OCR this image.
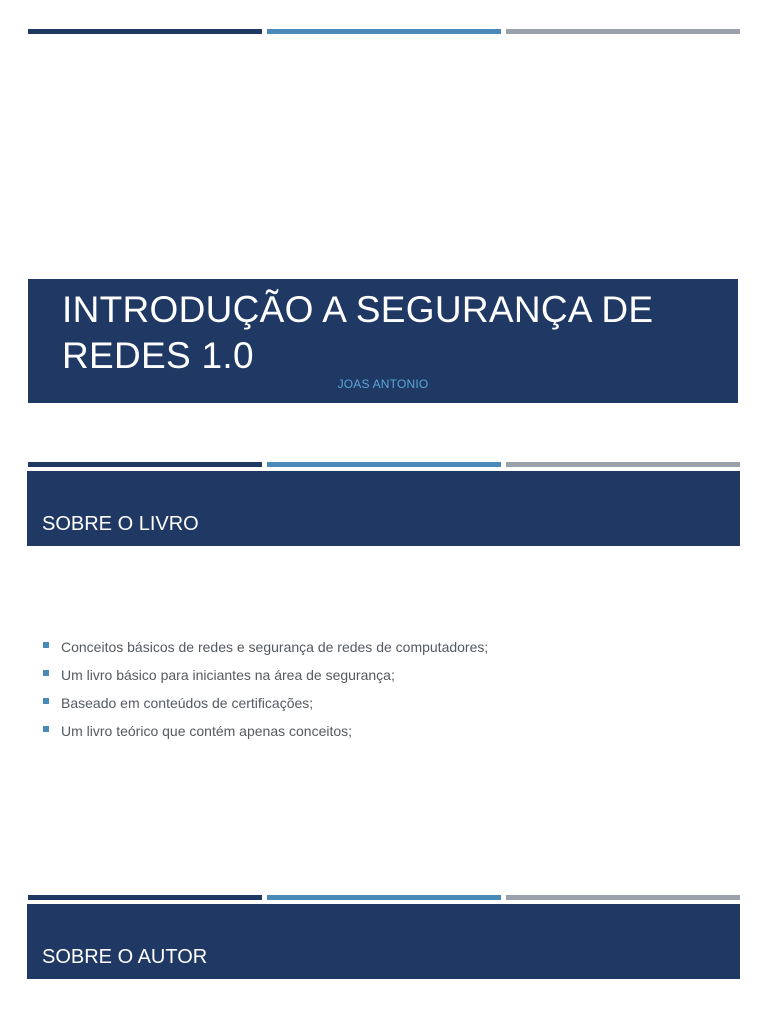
INTRODUÇÃO A SEGURANÇA DE REDES 1.0
JOAS ANTONIO
SOBRE O LIVRO
Conceitos básicos de redes e segurança de redes de computadores;
Um livro básico para iniciantes na área de segurança;
Baseado em conteúdos de certificações;
Um livro teórico que contém apenas conceitos;
SOBRE O AUTOR
